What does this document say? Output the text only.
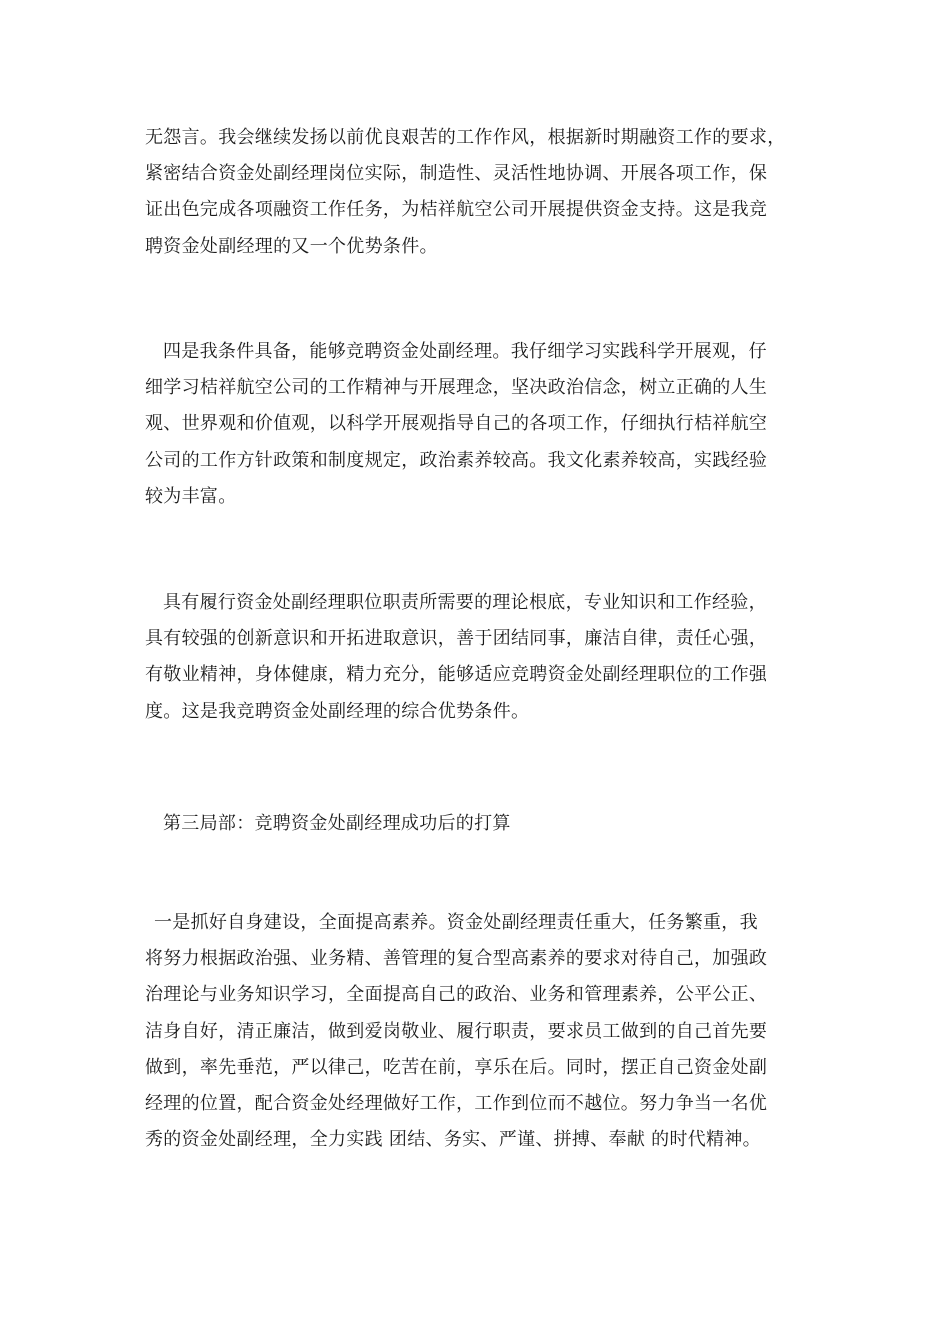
无怨言。我会继续发扬以前优良艰苦的工作作风，根据新时期融资工作的要求，
紧密结合资金处副经理岗位实际，制造性、灵活性地协调、开展各项工作，保
证出色完成各项融资工作任务，为桔祥航空公司开展提供资金支持。这是我竞
聘资金处副经理的又一个优势条件。
四是我条件具备，能够竞聘资金处副经理。我仔细学习实践科学开展观，仔
细学习桔祥航空公司的工作精神与开展理念，坚决政治信念，树立正确的人生
观、世界观和价值观，以科学开展观指导自己的各项工作，仔细执行桔祥航空
公司的工作方针政策和制度规定，政治素养较高。我文化素养较高，实践经验
较为丰富。
具有履行资金处副经理职位职责所需要的理论根底，专业知识和工作经验，
具有较强的创新意识和开拓进取意识，善于团结同事，廉洁自律，责任心强，
有敬业精神，身体健康，精力充分，能够适应竞聘资金处副经理职位的工作强
度。这是我竞聘资金处副经理的综合优势条件。
第三局部：竞聘资金处副经理成功后的打算
一是抓好自身建设，全面提高素养。资金处副经理责任重大，任务繁重，我
将努力根据政治强、业务精、善管理的复合型高素养的要求对待自己，加强政
治理论与业务知识学习，全面提高自己的政治、业务和管理素养，公平公正、
洁身自好，清正廉洁，做到爱岗敬业、履行职责，要求员工做到的自己首先要
做到，率先垂范，严以律己，吃苦在前，享乐在后。同时，摆正自己资金处副
经理的位置，配合资金处经理做好工作，工作到位而不越位。努力争当一名优
秀的资金处副经理，全力实践 团结、务实、严谨、拼搏、奉献 的时代精神。
